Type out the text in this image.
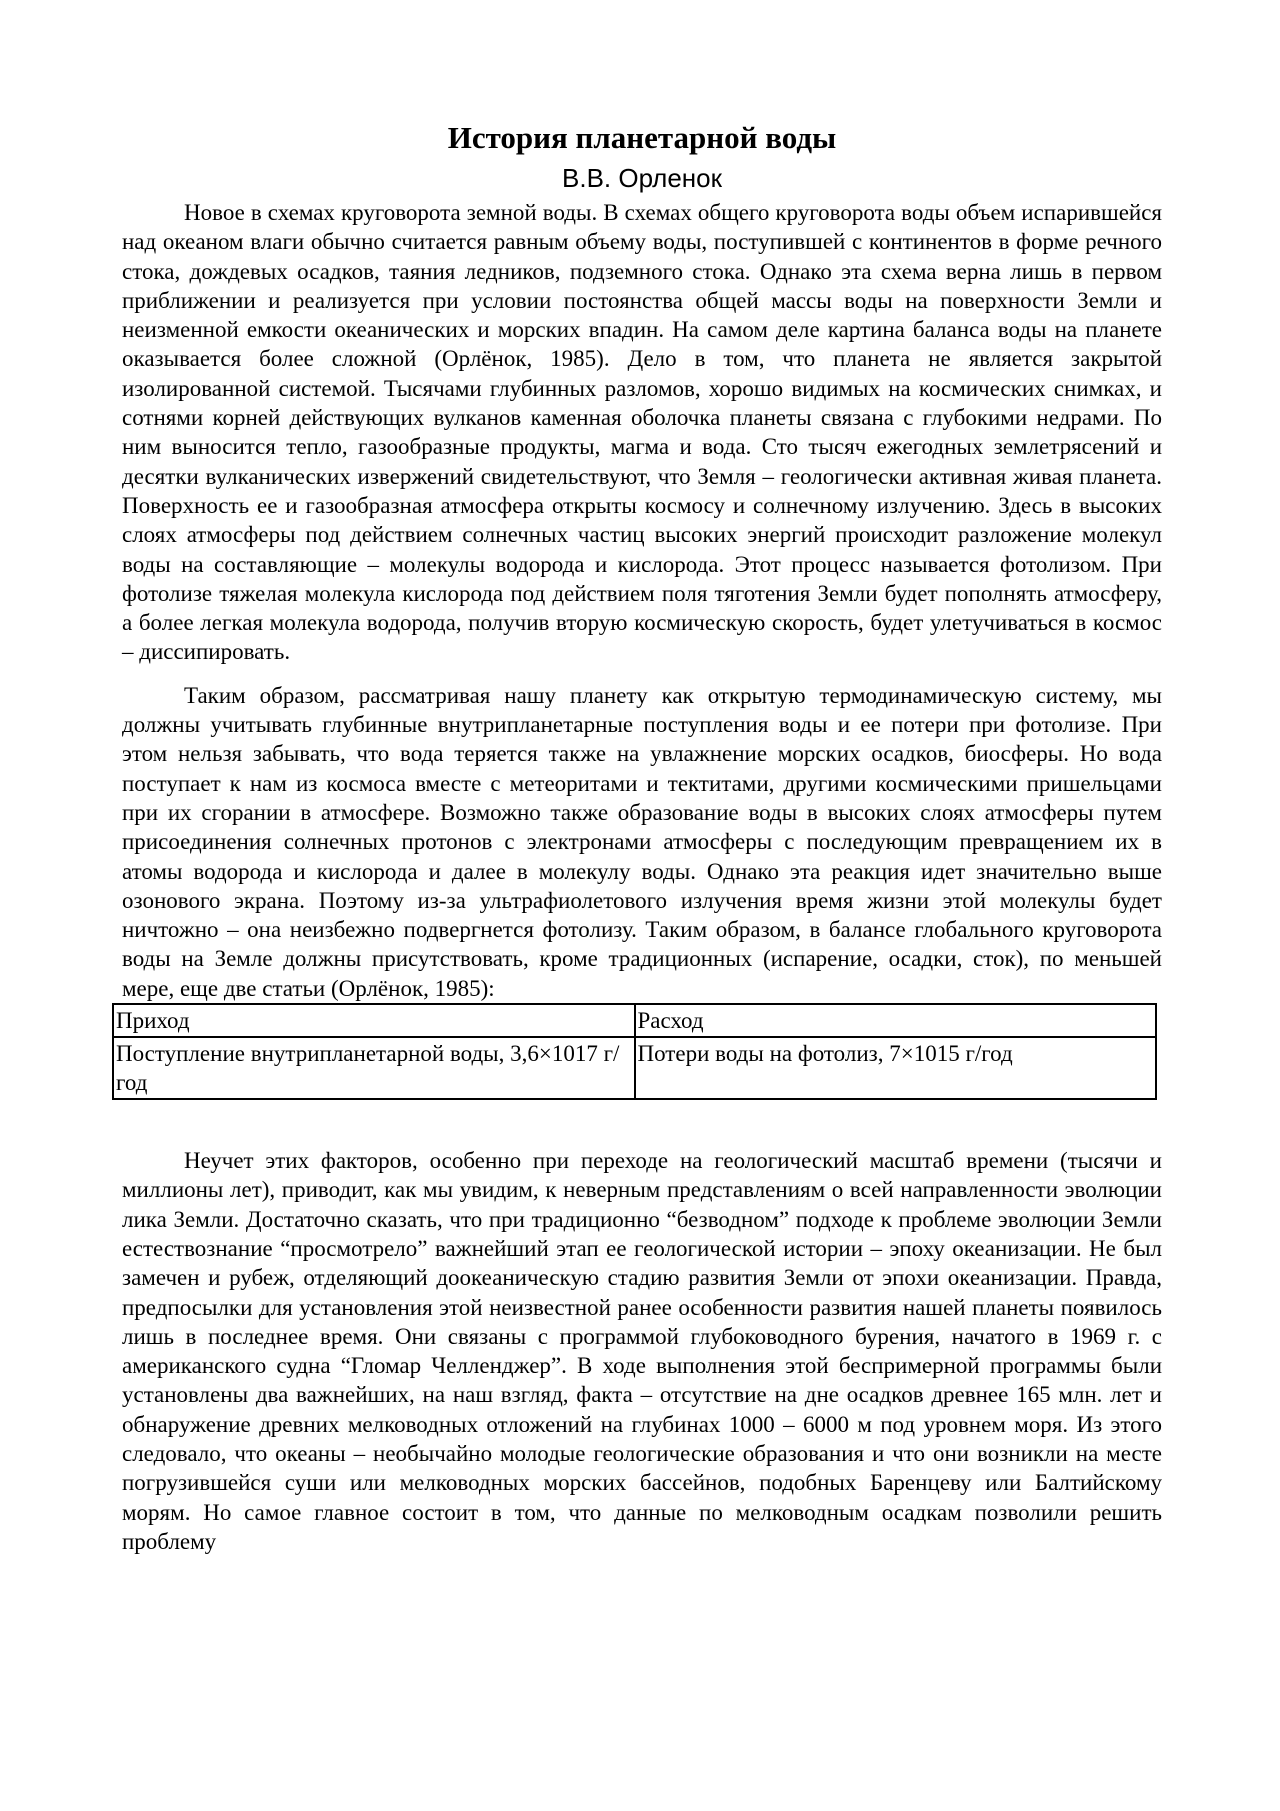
История планетарной воды
В.В. Орленок

Новое в схемах круговорота земной воды. В схемах общего круговорота воды объем испарившейся над океаном влаги обычно считается равным объему воды, поступившей с континентов в форме речного стока, дождевых осадков, таяния ледников, подземного стока. Однако эта схема верна лишь в первом приближении и реализуется при условии постоянства общей массы воды на поверхности Земли и неизменной емкости океанических и морских впадин. На самом деле картина баланса воды на планете оказывается более сложной (Орлёнок, 1985). Дело в том, что планета не является закрытой изолированной системой. Тысячами глубинных разломов, хорошо видимых на космических снимках, и сотнями корней действующих вулканов каменная оболочка планеты связана с глубокими недрами. По ним выносится тепло, газообразные продукты, магма и вода. Сто тысяч ежегодных землетрясений и десятки вулканических извержений свидетельствуют, что Земля – геологически активная живая планета. Поверхность ее и газообразная атмосфера открыты космосу и солнечному излучению. Здесь в высоких слоях атмосферы под действием солнечных частиц высоких энергий происходит разложение молекул воды на составляющие – молекулы водорода и кислорода. Этот процесс называется фотолизом. При фотолизе тяжелая молекула кислорода под действием поля тяготения Земли будет пополнять атмосферу, а более легкая молекула водорода, получив вторую космическую скорость, будет улетучиваться в космос – диссипировать.

Таким образом, рассматривая нашу планету как открытую термодинамическую систему, мы должны учитывать глубинные внутрипланетарные поступления воды и ее потери при фотолизе. При этом нельзя забывать, что вода теряется также на увлажнение морских осадков, биосферы. Но вода поступает к нам из космоса вместе с метеоритами и тектитами, другими космическими пришельцами при их сгорании в атмосфере. Возможно также образование воды в высоких слоях атмосферы путем присоединения солнечных протонов с электронами атмосферы с последующим превращением их в атомы водорода и кислорода и далее в молекулу воды. Однако эта реакция идет значительно выше озонового экрана. Поэтому из-за ультрафиолетового излучения время жизни этой молекулы будет ничтожно – она неизбежно подвергнется фотолизу. Таким образом, в балансе глобального круговорота воды на Земле должны присутствовать, кроме традиционных (испарение, осадки, сток), по меньшей мере, еще две статьи (Орлёнок, 1985):

Приход	Расход
Поступление внутрипланетарной воды, 3,6×1017 г/год	Потери воды на фотолиз, 7×1015 г/год

Неучет этих факторов, особенно при переходе на геологический масштаб времени (тысячи и миллионы лет), приводит, как мы увидим, к неверным представлениям о всей направленности эволюции лика Земли. Достаточно сказать, что при традиционно “безводном” подходе к проблеме эволюции Земли естествознание “просмотрело” важнейший этап ее геологической истории – эпоху океанизации. Не был замечен и рубеж, отделяющий доокеаническую стадию развития Земли от эпохи океанизации. Правда, предпосылки для установления этой неизвестной ранее особенности развития нашей планеты появилось лишь в последнее время. Они связаны с программой глубоководного бурения, начатого в 1969 г. с американского судна “Гломар Челленджер”. В ходе выполнения этой беспримерной программы были установлены два важнейших, на наш взгляд, факта – отсутствие на дне осадков древнее 165 млн. лет и обнаружение древних мелководных отложений на глубинах 1000 – 6000 м под уровнем моря. Из этого следовало, что океаны – необычайно молодые геологические образования и что они возникли на месте погрузившейся суши или мелководных морских бассейнов, подобных Баренцеву или Балтийскому морям. Но самое главное состоит в том, что данные по мелководным осадкам позволили решить проблему
